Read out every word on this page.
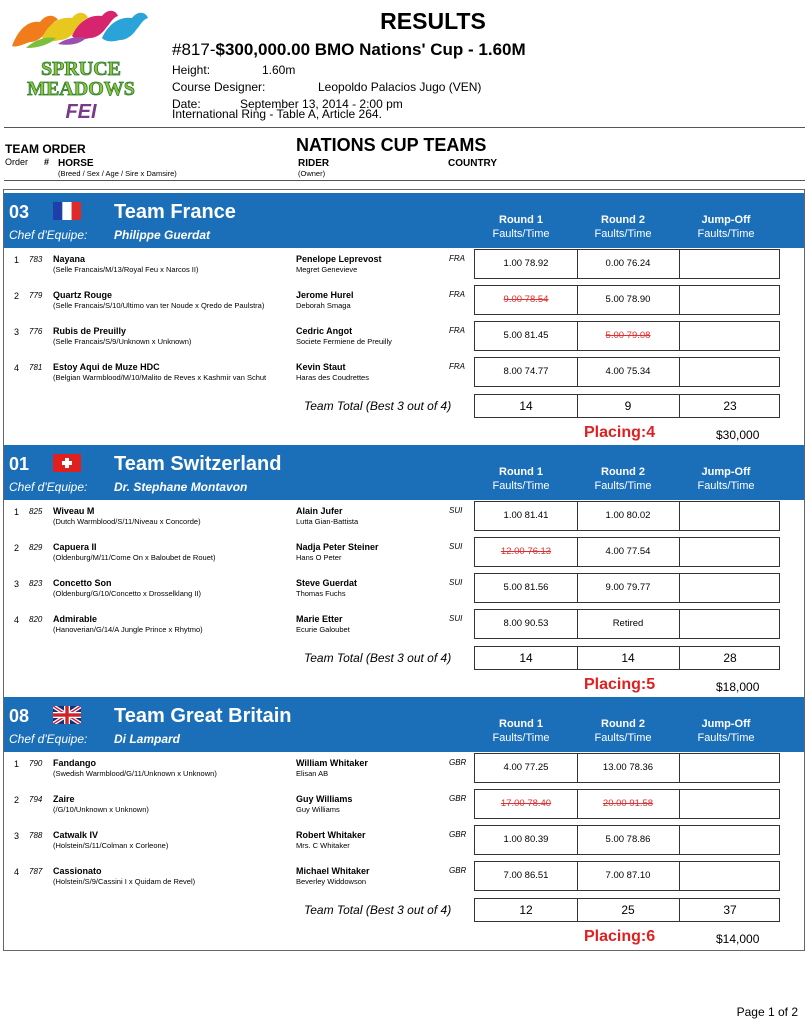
SPRUCE
MEADOWS
FEI
RESULTS
#817-$300,000.00 BMO Nations' Cup - 1.60M
Height:	1.60m
Course Designer:	Leopoldo Palacios Jugo (VEN)
Date:	September 13, 2014 - 2:00 pm
International Ring - Table A, Article 264.
TEAM ORDER	NATIONS CUP TEAMS
Order # HORSE
(Breed / Sex / Age / Sire x Damsire)
RIDER
(Owner)
COUNTRY
03	Team France
Chef d'Equipe: Philippe Guerdat
Round 1
Faults/Time
Round 2
Faults/Time
Jump-Off
Faults/Time
1 783 Nayana
(Selle Francais/M/13/Royal Feu x Narcos II)
Penelope Leprevost
Megret Genevieve
FRA	1.00 78.92	0.00 76.24
2 779 Quartz Rouge
(Selle Francais/S/10/Ultimo van ter Noude x Qredo de Paulstra)
Jerome Hurel
Deborah Smaga
FRA	9.00 78.54	5.00 78.90
3 776 Rubis de Preuilly
(Selle Francais/S/9/Unknown x Unknown)
Cedric Angot
Societe Fermiene de Preuilly
FRA	5.00 81.45	5.00 79.08
4 781 Estoy Aqui de Muze HDC
(Belgian Warmblood/M/10/Malito de Reves x Kashmir van Schut
Kevin Staut
Haras des Coudrettes
FRA	8.00 74.77	4.00 75.34
Team Total (Best 3 out of 4)	14	9	23
Placing:4	$30,000
01	Team Switzerland
Chef d'Equipe: Dr. Stephane Montavon
Round 1
Faults/Time
Round 2
Faults/Time
Jump-Off
Faults/Time
1 825 Wiveau M
(Dutch Warmblood/S/11/Niveau x Concorde)
Alain Jufer
Lutta Gian-Battista
SUI	1.00 81.41	1.00 80.02
2 829 Capuera II
(Oldenburg/M/11/Come On x Baloubet de Rouet)
Nadja Peter Steiner
Hans O Peter
SUI	12.00 76.13	4.00 77.54
3 823 Concetto Son
(Oldenburg/G/10/Concetto x Drosselklang II)
Steve Guerdat
Thomas Fuchs
SUI	5.00 81.56	9.00 79.77
4 820 Admirable
(Hanoverian/G/14/A Jungle Prince x Rhytmo)
Marie Etter
Ecurie Galoubet
SUI	8.00 90.53	Retired
Team Total (Best 3 out of 4)	14	14	28
Placing:5	$18,000
08	Team Great Britain
Chef d'Equipe: Di Lampard
Round 1
Faults/Time
Round 2
Faults/Time
Jump-Off
Faults/Time
1 790 Fandango
(Swedish Warmblood/G/11/Unknown x Unknown)
William Whitaker
Elisan AB
GBR	4.00 77.25	13.00 78.36
2 794 Zaire
(/G/10/Unknown x Unknown)
Guy Williams
Guy Williams
GBR	17.00 78.40	20.00 91.58
3 788 Catwalk IV
(Holstein/S/11/Colman x Corleone)
Robert Whitaker
Mrs. C Whitaker
GBR	1.00 80.39	5.00 78.86
4 787 Cassionato
(Holstein/S/9/Cassini I x Quidam de Revel)
Michael Whitaker
Beverley Widdowson
GBR	7.00 86.51	7.00 87.10
Team Total (Best 3 out of 4)	12	25	37
Placing:6	$14,000
Page 1 of 2
